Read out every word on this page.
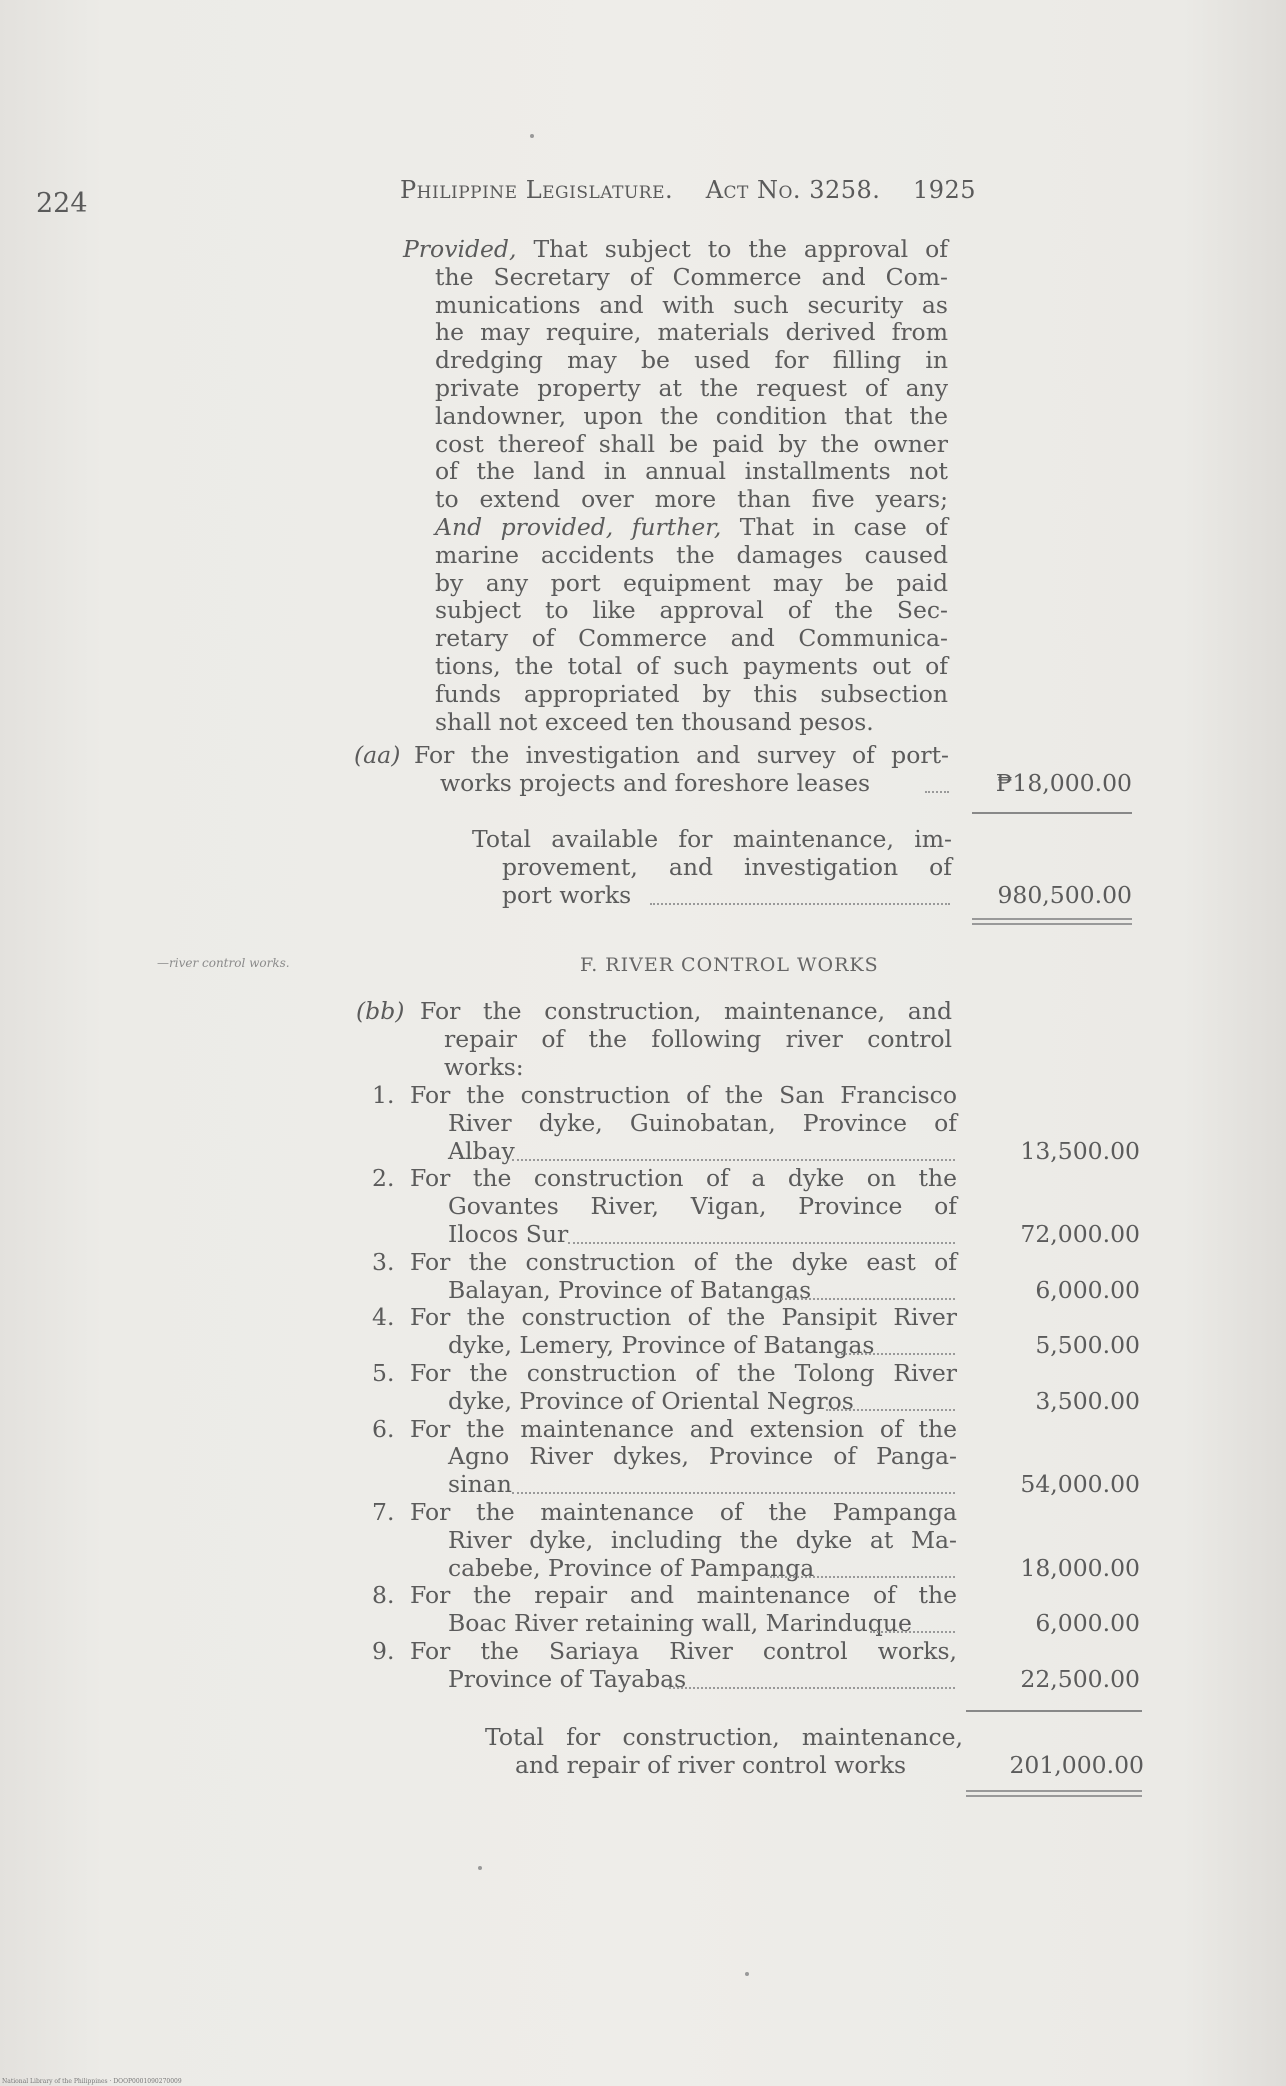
224	Philippine Legislature. Act No. 3258. 1925
Provided, That subject to the approval of
the Secretary of Commerce and Com-
munications and with such security as
he may require, materials derived from
dredging may be used for filling in
private property at the request of any
landowner, upon the condition that the
cost thereof shall be paid by the owner
of the land in annual installments not
to extend over more than five years;
And provided, further, That in case of
marine accidents the damages caused
by any port equipment may be paid
subject to like approval of the Sec-
retary of Commerce and Communica-
tions, the total of such payments out of
funds appropriated by this subsection
shall not exceed ten thousand pesos.
(aa) For the investigation and survey of port-
works projects and foreshore leases	₱18,000.00
Total available for maintenance, im-
provement, and investigation of
port works	980,500.00
—river control works.	F. RIVER CONTROL WORKS
(bb) For the construction, maintenance, and
repair of the following river control
works:
1. For the construction of the San Francisco
River dyke, Guinobatan, Province of
Albay	13,500.00
2. For the construction of a dyke on the
Govantes River, Vigan, Province of
Ilocos Sur	72,000.00
3. For the construction of the dyke east of
Balayan, Province of Batangas	6,000.00
4. For the construction of the Pansipit River
dyke, Lemery, Province of Batangas	5,500.00
5. For the construction of the Tolong River
dyke, Province of Oriental Negros	3,500.00
6. For the maintenance and extension of the
Agno River dykes, Province of Panga-
sinan	54,000.00
7. For the maintenance of the Pampanga
River dyke, including the dyke at Ma-
cabebe, Province of Pampanga	18,000.00
8. For the repair and maintenance of the
Boac River retaining wall, Marinduque	6,000.00
9. For the Sariaya River control works,
Province of Tayabas	22,500.00
Total for construction, maintenance,
and repair of river control works	201,000.00
National Library of the Philippines · DOOP0001090270009
